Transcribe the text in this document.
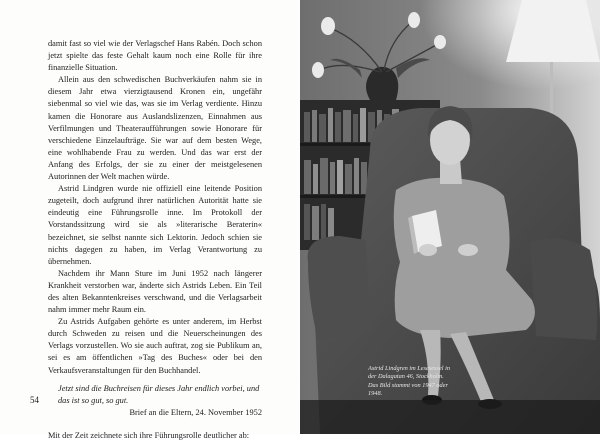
damit fast so viel wie der Verlagschef Hans Rabén. Doch schon jetzt spielte das feste Gehalt kaum noch eine Rolle für ihre finanzielle Situation.

Allein aus den schwedischen Buchverkäufen nahm sie in diesem Jahr etwa vierzigtausend Kronen ein, ungefähr siebenmal so viel wie das, was sie im Verlag verdiente. Hinzu kamen die Honorare aus Auslandslizenzen, Einnahmen aus Verfilmungen und Theateraufführungen sowie Honorare für verschiedene Einzelaufträge. Sie war auf dem besten Wege, eine wohlhabende Frau zu werden. Und das war erst der Anfang des Erfolgs, der sie zu einer der meistgelesenen Autorinnen der Welt machen würde.

Astrid Lindgren wurde nie offiziell eine leitende Position zugeteilt, doch aufgrund ihrer natürlichen Autorität hatte sie eindeutig eine Führungsrolle inne. Im Protokoll der Vorstandssitzung wird sie als »literarische Beraterin« bezeichnet, sie selbst nannte sich Lektorin. Jedoch schien sie nichts dagegen zu haben, im Verlag Verantwortung zu übernehmen.

Nachdem ihr Mann Sture im Juni 1952 nach längerer Krankheit verstorben war, änderte sich Astrids Leben. Ein Teil des alten Bekanntenkreises verschwand, und die Verlagsarbeit nahm immer mehr Raum ein.

Zu Astrids Aufgaben gehörte es unter anderem, im Herbst durch Schweden zu reisen und die Neuerscheinungen des Verlags vorzustellen. Wo sie auch auftrat, zog sie Publikum an, sei es am öffentlichen »Tag des Buches« oder bei den Verkaufsveranstaltungen für den Buchhandel.

Jetzt sind die Buchreisen für dieses Jahr endlich vorbei, und das ist so gut, so gut.

Brief an die Eltern, 24. November 1952

Mit der Zeit zeichnete sich ihre Führungsrolle deutlicher ab:

54
Astrid Lindgren im Lesesessel in
der Dalagatan 46, Stockholm.
Das Bild stammt von 1947 oder
1948.
